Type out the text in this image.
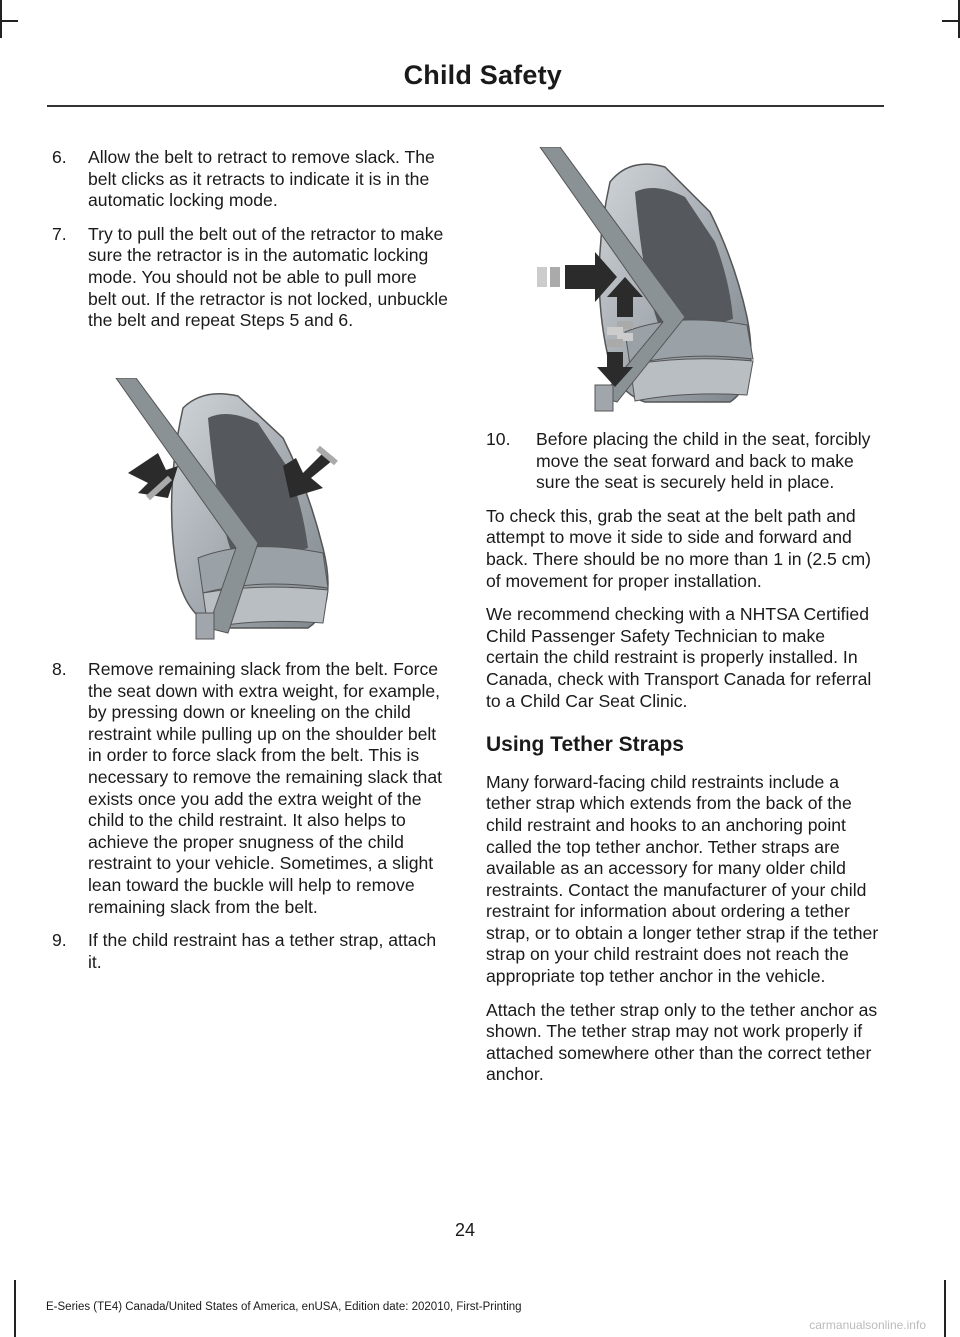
Child Safety
6.	Allow the belt to retract to remove slack. The belt clicks as it retracts to indicate it is in the automatic locking mode.
7.	Try to pull the belt out of the retractor to make sure the retractor is in the automatic locking mode. You should not be able to pull more belt out. If the retractor is not locked, unbuckle the belt and repeat Steps 5 and 6.
8.	Remove remaining slack from the belt. Force the seat down with extra weight, for example, by pressing down or kneeling on the child restraint while pulling up on the shoulder belt in order to force slack from the belt. This is necessary to remove the remaining slack that exists once you add the extra weight of the child to the child restraint. It also helps to achieve the proper snugness of the child restraint to your vehicle. Sometimes, a slight lean toward the buckle will help to remove remaining slack from the belt.
9.	If the child restraint has a tether strap, attach it.
10.	Before placing the child in the seat, forcibly move the seat forward and back to make sure the seat is securely held in place.

To check this, grab the seat at the belt path and attempt to move it side to side and forward and back. There should be no more than 1 in (2.5 cm) of movement for proper installation.

We recommend checking with a NHTSA Certified Child Passenger Safety Technician to make certain the child restraint is properly installed. In Canada, check with Transport Canada for referral to a Child Car Seat Clinic.

Using Tether Straps

Many forward-facing child restraints include a tether strap which extends from the back of the child restraint and hooks to an anchoring point called the top tether anchor. Tether straps are available as an accessory for many older child restraints. Contact the manufacturer of your child restraint for information about ordering a tether strap, or to obtain a longer tether strap if the tether strap on your child restraint does not reach the appropriate top tether anchor in the vehicle.

Attach the tether strap only to the tether anchor as shown. The tether strap may not work properly if attached somewhere other than the correct tether anchor.

24
E-Series (TE4) Canada/United States of America, enUSA, Edition date: 202010, First-Printing
carmanualsonline.info
